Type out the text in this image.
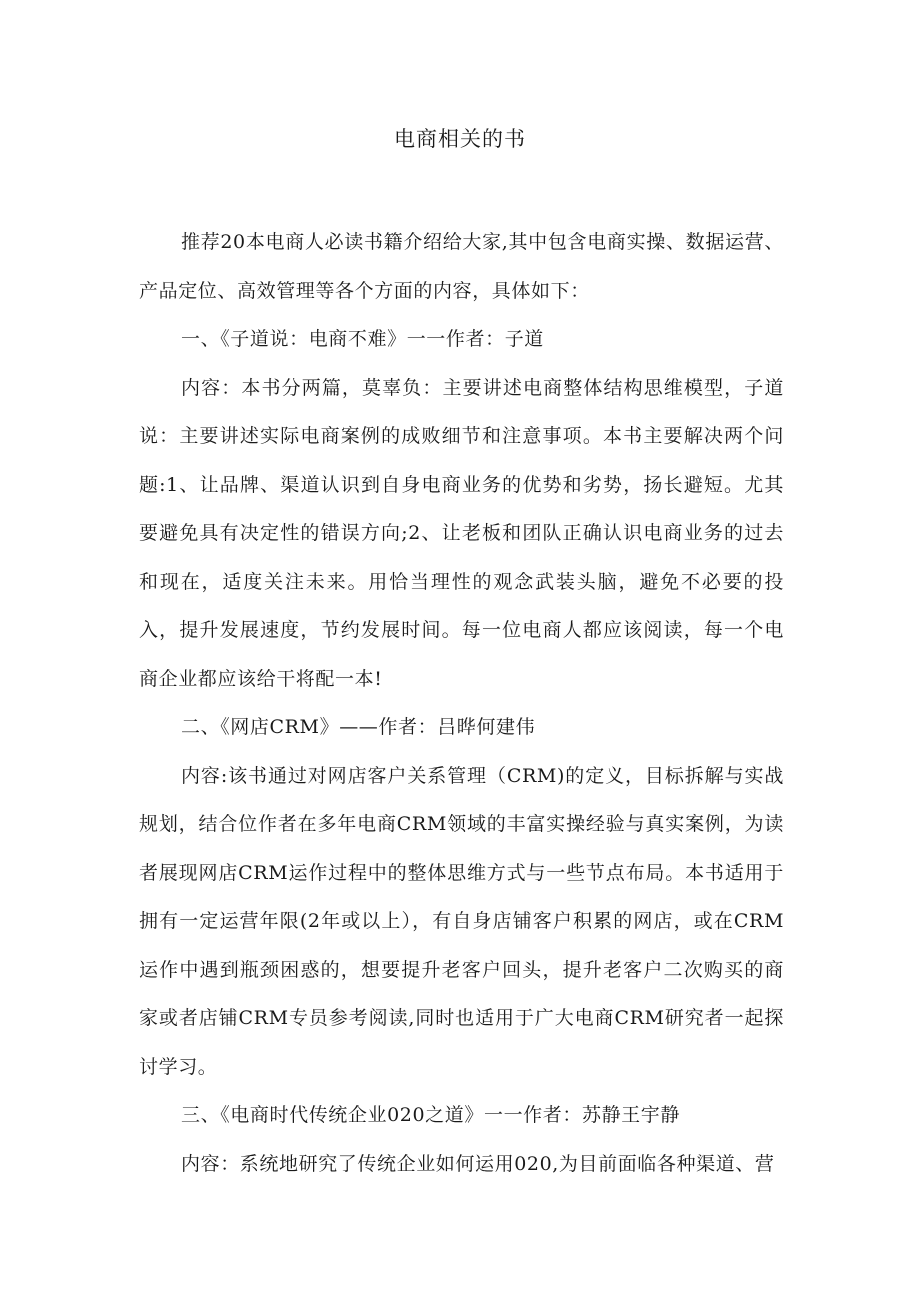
电商相关的书

推荐20本电商人必读书籍介绍给大家,其中包含电商实操、数据运营、产品定位、高效管理等各个方面的内容，具体如下：

一、《子道说：电商不难》一一作者：子道

内容：本书分两篇，莫辜负：主要讲述电商整体结构思维模型，子道说：主要讲述实际电商案例的成败细节和注意事项。本书主要解决两个问题:1、让品牌、渠道认识到自身电商业务的优势和劣势，扬长避短。尤其要避免具有决定性的错误方向;2、让老板和团队正确认识电商业务的过去和现在，适度关注未来。用恰当理性的观念武装头脑，避免不必要的投入，提升发展速度，节约发展时间。每一位电商人都应该阅读，每一个电商企业都应该给干将配一本!

二、《网店CRM》——作者：吕晔何建伟

内容:该书通过对网店客户关系管理（CRM)的定义，目标拆解与实战规划，结合位作者在多年电商CRM领域的丰富实操经验与真实案例，为读者展现网店CRM运作过程中的整体思维方式与一些节点布局。本书适用于拥有一定运营年限(2年或以上），有自身店铺客户积累的网店，或在CRM运作中遇到瓶颈困惑的，想要提升老客户回头，提升老客户二次购买的商家或者店铺CRM专员参考阅读,同时也适用于广大电商CRM研究者一起探讨学习。

三、《电商时代传统企业020之道》一一作者：苏静王宇静

内容：系统地研究了传统企业如何运用020,为目前面临各种渠道、营
